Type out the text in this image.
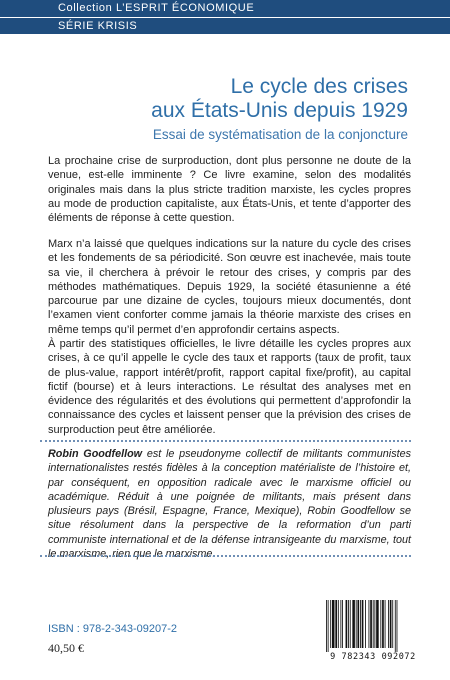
Collection L’ESPRIT ÉCONOMIQUE
SÉRIE KRISIS
Le cycle des crises
aux États-Unis depuis 1929
Essai de systématisation de la conjoncture

La prochaine crise de surproduction, dont plus personne ne doute de la venue, est-elle imminente ? Ce livre examine, selon des modalités originales mais dans la plus stricte tradition marxiste, les cycles propres au mode de production capitaliste, aux États-Unis, et tente d’apporter des éléments de réponse à cette question.

Marx n’a laissé que quelques indications sur la nature du cycle des crises et les fondements de sa périodicité. Son œuvre est inachevée, mais toute sa vie, il cherchera à prévoir le retour des crises, y compris par des méthodes mathématiques. Depuis 1929, la société étasunienne a été parcourue par une dizaine de cycles, toujours mieux documentés, dont l’examen vient conforter comme jamais la théorie marxiste des crises en même temps qu’il permet d’en approfondir certains aspects.

À partir des statistiques officielles, le livre détaille les cycles propres aux crises, à ce qu’il appelle le cycle des taux et rapports (taux de profit, taux de plus-value, rapport intérêt/profit, rapport capital fixe/profit), au capital fictif (bourse) et à leurs interactions. Le résultat des analyses met en évidence des régularités et des évolutions qui permettent d’approfondir la connaissance des cycles et laissent penser que la prévision des crises de surproduction peut être améliorée.

Robin Goodfellow est le pseudonyme collectif de militants communistes internationalistes restés fidèles à la conception matérialiste de l’histoire et, par conséquent, en opposition radicale avec le marxisme officiel ou académique. Réduit à une poignée de militants, mais présent dans plusieurs pays (Brésil, Espagne, France, Mexique), Robin Goodfellow se situe résolument dans la perspective de la reformation d’un parti communiste international et de la défense intransigeante du marxisme, tout le marxisme, rien que le marxisme.

ISBN : 978-2-343-09207-2
40,50 €
9 782343 092072
